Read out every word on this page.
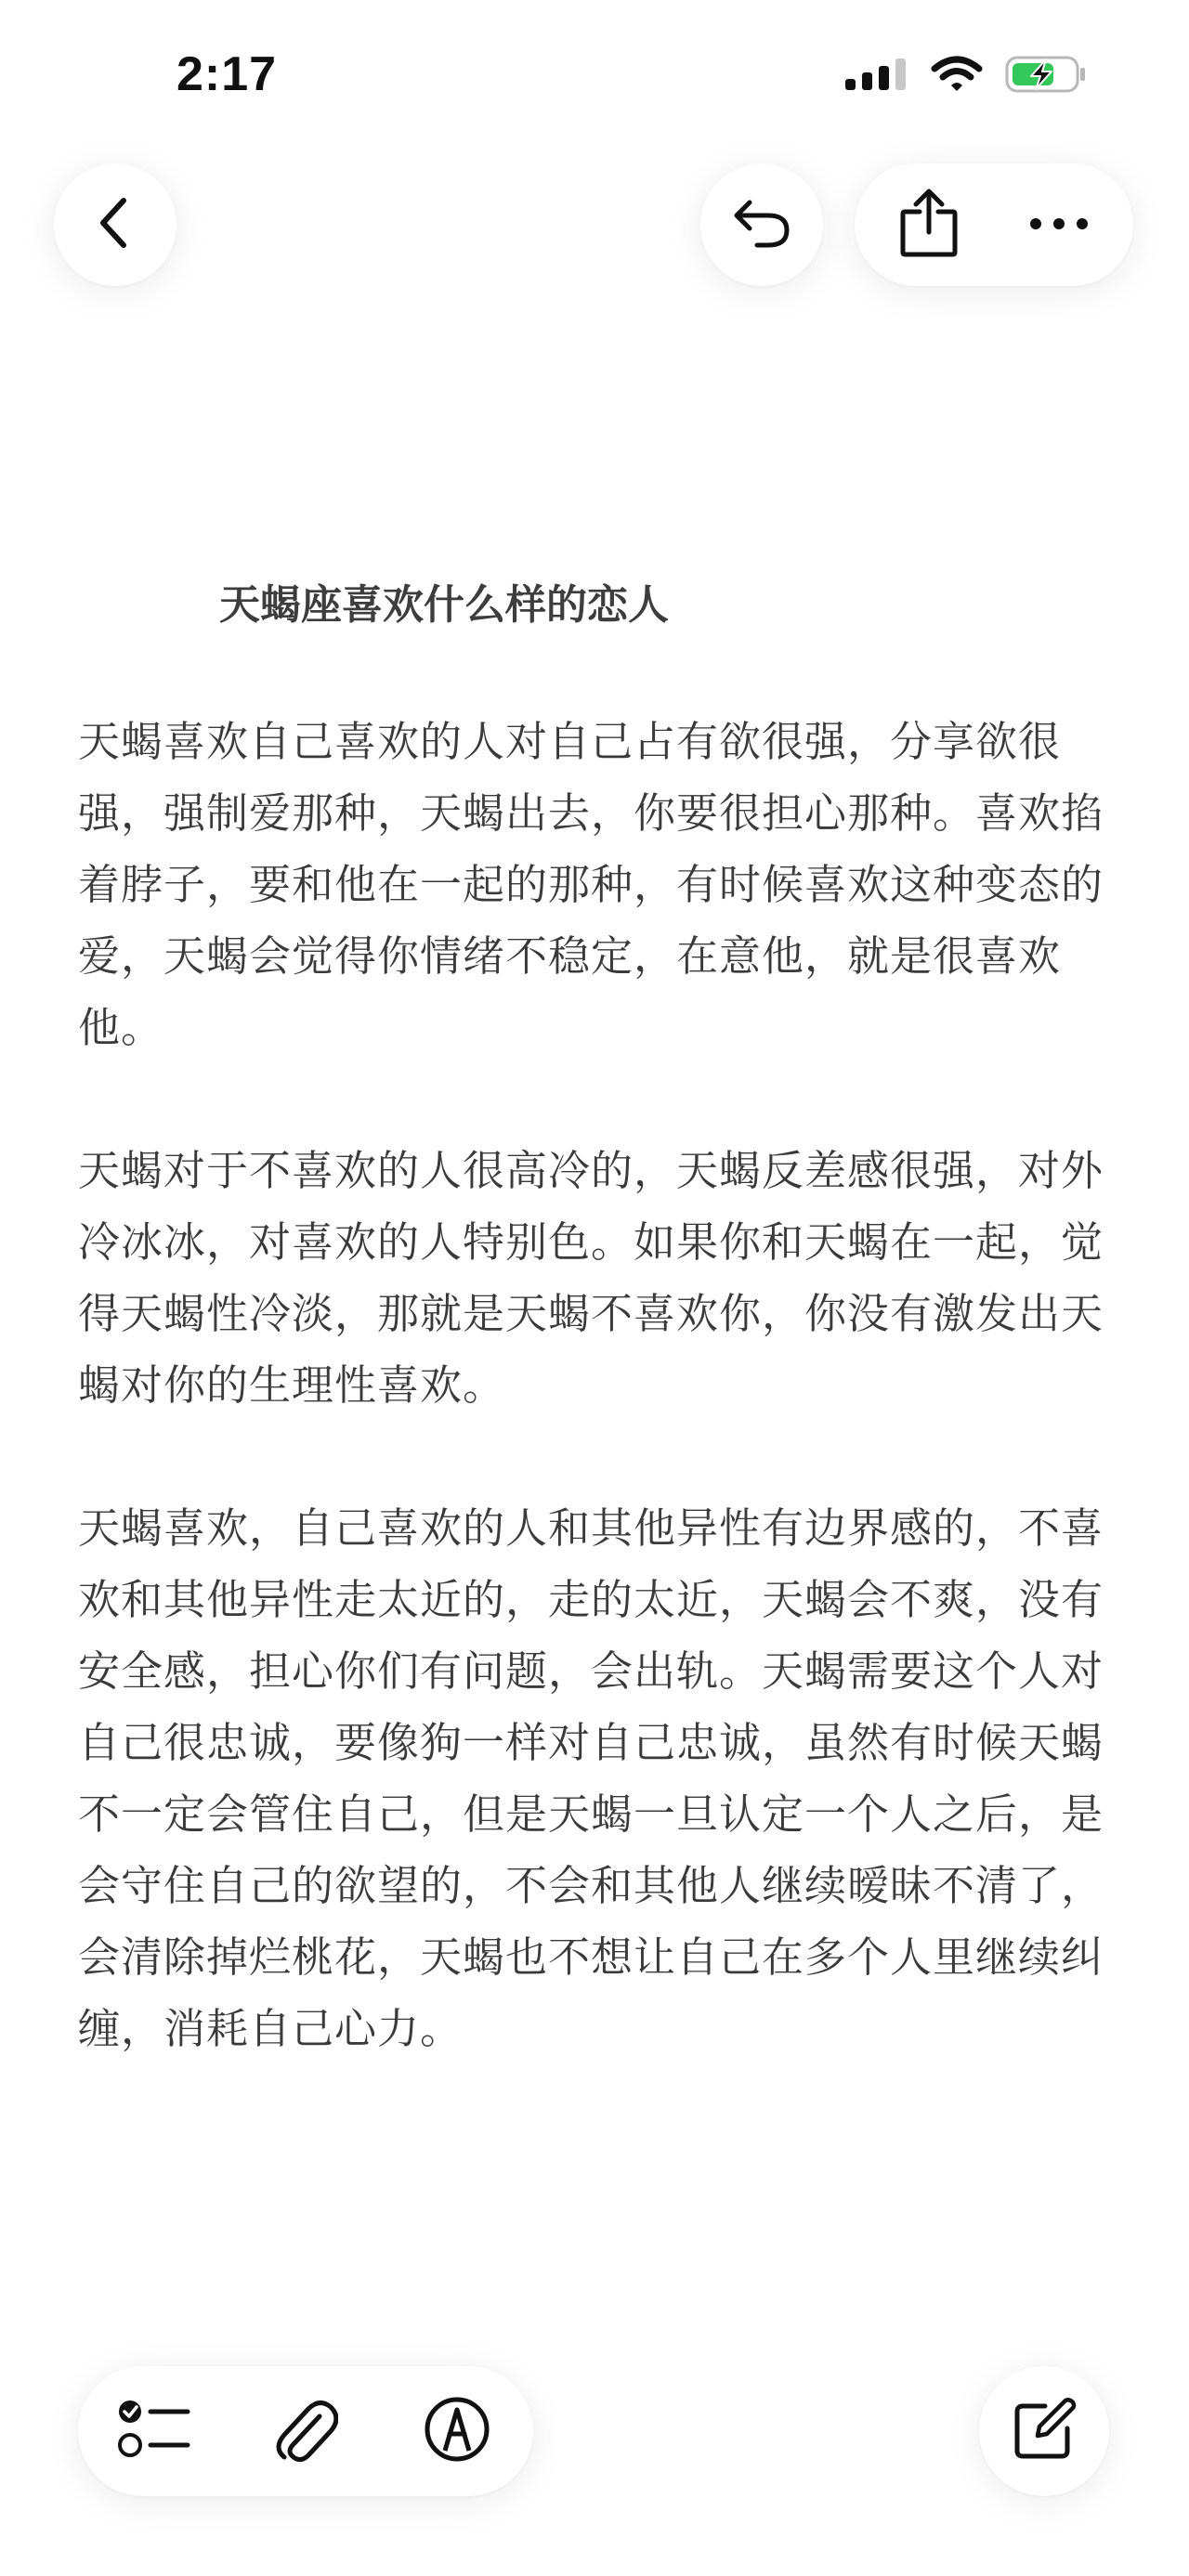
2:17
天蝎座喜欢什么样的恋人

天蝎喜欢自己喜欢的人对自己占有欲很强，分享欲很强，强制爱那种，天蝎出去，你要很担心那种。喜欢掐着脖子，要和他在一起的那种，有时候喜欢这种变态的爱，天蝎会觉得你情绪不稳定，在意他，就是很喜欢他。

天蝎对于不喜欢的人很高冷的，天蝎反差感很强，对外冷冰冰，对喜欢的人特别色。如果你和天蝎在一起，觉得天蝎性冷淡，那就是天蝎不喜欢你，你没有激发出天蝎对你的生理性喜欢。

天蝎喜欢，自己喜欢的人和其他异性有边界感的，不喜欢和其他异性走太近的，走的太近，天蝎会不爽，没有安全感，担心你们有问题，会出轨。天蝎需要这个人对自己很忠诚，要像狗一样对自己忠诚，虽然有时候天蝎不一定会管住自己，但是天蝎一旦认定一个人之后，是会守住自己的欲望的，不会和其他人继续暧昧不清了，会清除掉烂桃花，天蝎也不想让自己在多个人里继续纠缠，消耗自己心力。
